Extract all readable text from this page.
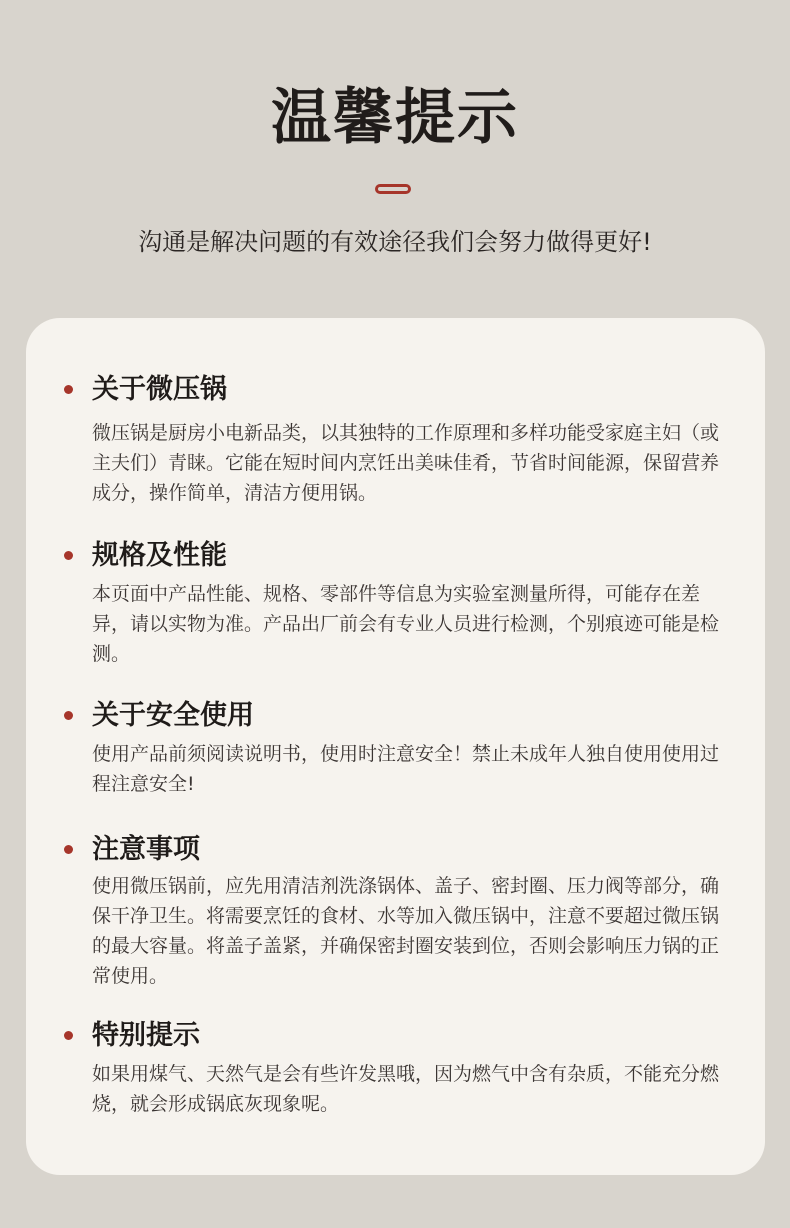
温馨提示
沟通是解决问题的有效途径我们会努力做得更好!
关于微压锅
微压锅是厨房小电新品类，以其独特的工作原理和多样功能受家庭主妇（或主夫们）青睐。它能在短时间内烹饪出美味佳肴，节省时间能源，保留营养成分，操作简单，清洁方便用锅。
规格及性能
本页面中产品性能、规格、零部件等信息为实验室测量所得，可能存在差异，请以实物为准。产品出厂前会有专业人员进行检测，个别痕迹可能是检测。
关于安全使用
使用产品前须阅读说明书，使用时注意安全！禁止未成年人独自使用使用过程注意安全!
注意事项
使用微压锅前，应先用清洁剂洗涤锅体、盖子、密封圈、压力阀等部分，确保干净卫生。将需要烹饪的食材、水等加入微压锅中，注意不要超过微压锅的最大容量。将盖子盖紧，并确保密封圈安装到位，否则会影响压力锅的正常使用。
特别提示
如果用煤气、天然气是会有些许发黑哦，因为燃气中含有杂质，不能充分燃烧，就会形成锅底灰现象呢。
